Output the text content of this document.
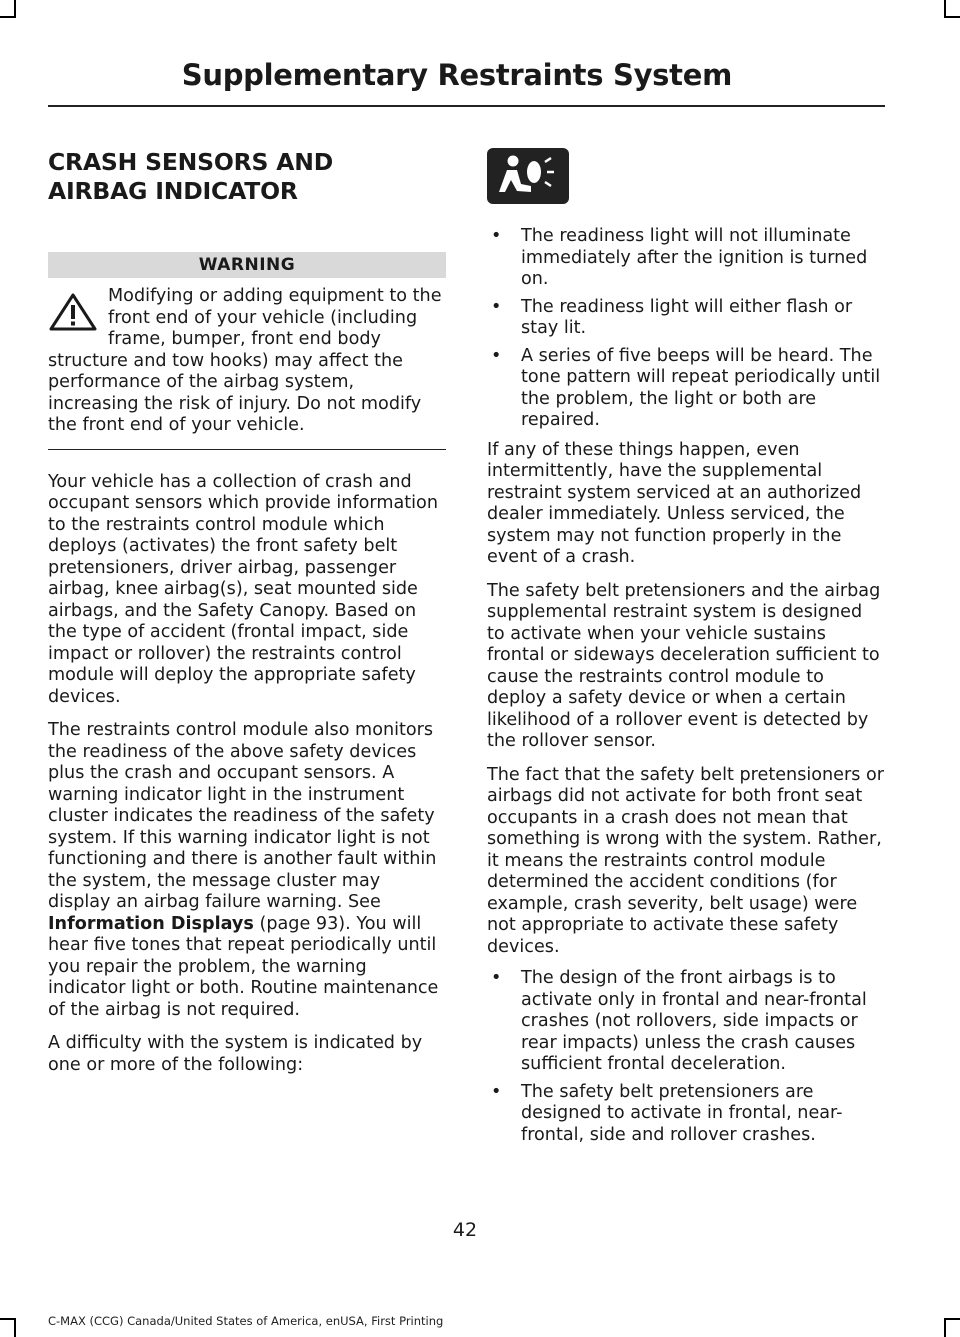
Supplementary Restraints System
CRASH SENSORS AND
AIRBAG INDICATOR
WARNING

Modifying or adding equipment to the front end of your vehicle (including frame, bumper, front end body structure and tow hooks) may affect the performance of the airbag system, increasing the risk of injury. Do not modify the front end of your vehicle.

Your vehicle has a collection of crash and occupant sensors which provide information to the restraints control module which deploys (activates) the front safety belt pretensioners, driver airbag, passenger airbag, knee airbag(s), seat mounted side airbags, and the Safety Canopy. Based on the type of accident (frontal impact, side impact or rollover) the restraints control module will deploy the appropriate safety devices.

The restraints control module also monitors the readiness of the above safety devices plus the crash and occupant sensors. A warning indicator light in the instrument cluster indicates the readiness of the safety system. If this warning indicator light is not functioning and there is another fault within the system, the message cluster may display an airbag failure warning. See Information Displays (page 93). You will hear five tones that repeat periodically until you repair the problem, the warning indicator light or both. Routine maintenance of the airbag is not required.

A difficulty with the system is indicated by one or more of the following:

• The readiness light will not illuminate immediately after the ignition is turned on.
• The readiness light will either flash or stay lit.
• A series of five beeps will be heard. The tone pattern will repeat periodically until the problem, the light or both are repaired.

If any of these things happen, even intermittently, have the supplemental restraint system serviced at an authorized dealer immediately. Unless serviced, the system may not function properly in the event of a crash.

The safety belt pretensioners and the airbag supplemental restraint system is designed to activate when your vehicle sustains frontal or sideways deceleration sufficient to cause the restraints control module to deploy a safety device or when a certain likelihood of a rollover event is detected by the rollover sensor.

The fact that the safety belt pretensioners or airbags did not activate for both front seat occupants in a crash does not mean that something is wrong with the system. Rather, it means the restraints control module determined the accident conditions (for example, crash severity, belt usage) were not appropriate to activate these safety devices.

• The design of the front airbags is to activate only in frontal and near-frontal crashes (not rollovers, side impacts or rear impacts) unless the crash causes sufficient frontal deceleration.
• The safety belt pretensioners are designed to activate in frontal, near-frontal, side and rollover crashes.
42
C-MAX (CCG) Canada/United States of America, enUSA, First Printing
